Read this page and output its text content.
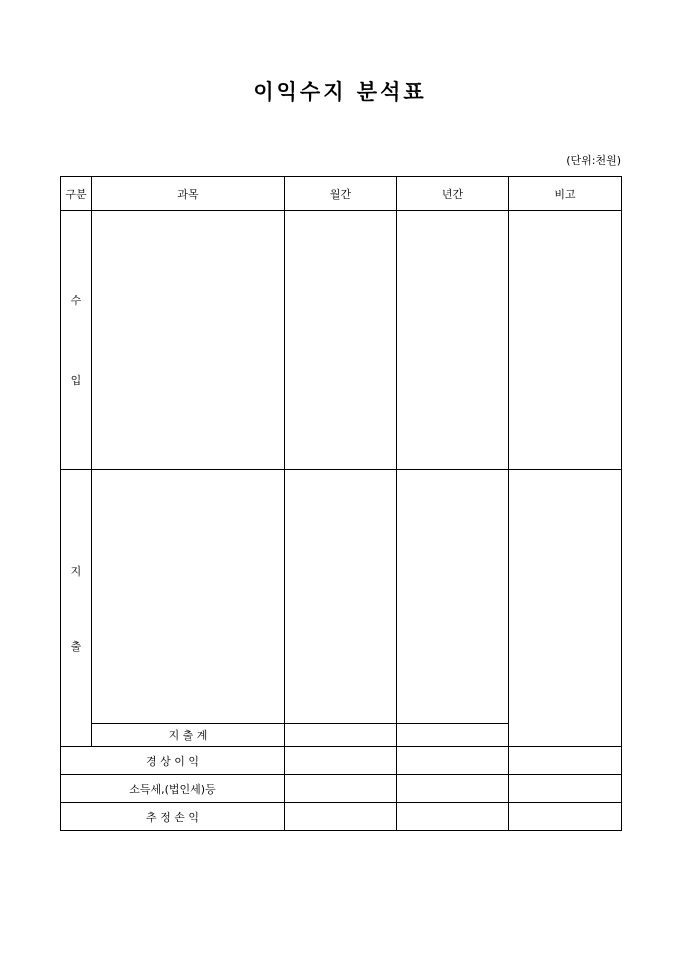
이익수지 분석표
(단위:천원)
구분	과목	월간	년간	비고

수
입				

지
출				

	지 출 계			
경 상 이 익				
소득세,(법인세)등				
추 정 손 익				
